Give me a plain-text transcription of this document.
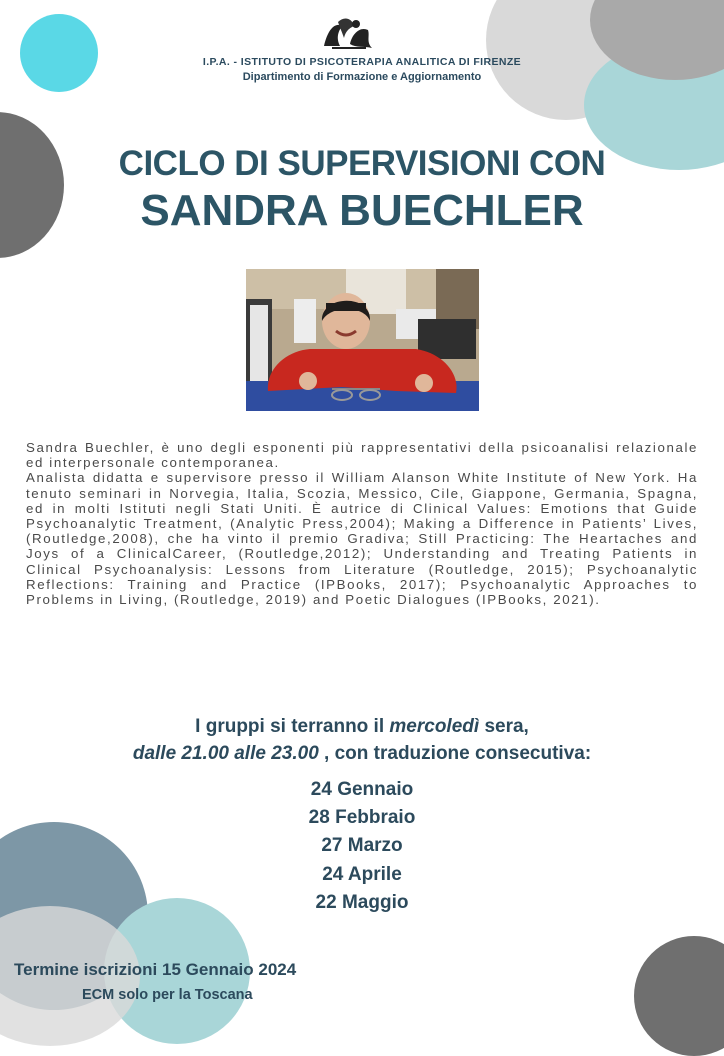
I.P.A. - ISTITUTO DI PSICOTERAPIA ANALITICA DI FIRENZE
Dipartimento di Formazione e Aggiornamento
CICLO DI SUPERVISIONI CON
SANDRA BUECHLER

Sandra Buechler, è uno degli esponenti più rappresentativi della psicoanalisi relazionale ed interpersonale contemporanea.

Analista didatta e supervisore presso il William Alanson White Institute of New York. Ha tenuto seminari in Norvegia, Italia, Scozia, Messico, Cile, Giappone, Germania, Spagna, ed in molti Istituti negli Stati Uniti. È autrice di Clinical Values: Emotions that Guide Psychoanalytic Treatment, (Analytic Press,2004); Making a Difference in Patients’ Lives, (Routledge,2008), che ha vinto il premio Gradiva; Still Practicing: The Heartaches and Joys of a ClinicalCareer, (Routledge,2012); Understanding and Treating Patients in Clinical Psychoanalysis: Lessons from Literature (Routledge, 2015); Psychoanalytic Reflections: Training and Practice (IPBooks, 2017); Psychoanalytic Approaches to Problems in Living, (Routledge, 2019) and Poetic Dialogues (IPBooks, 2021).

I gruppi si terranno il mercoledì sera,
dalle 21.00 alle 23.00 , con traduzione consecutiva:
24 Gennaio
28 Febbraio
27 Marzo
24 Aprile
22 Maggio
Termine iscrizioni 15 Gennaio 2024
ECM solo per la Toscana
